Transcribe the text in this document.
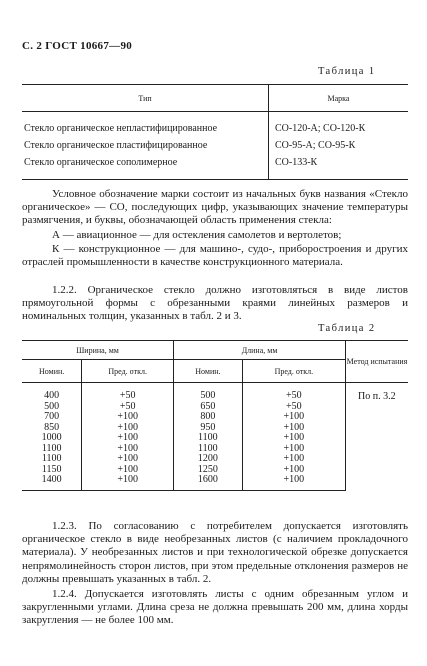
С. 2 ГОСТ 10667—90
Таблица 1
Тип	Марка

Стекло органическое непластифицированное	СО-120-А; СО-120-К
Стекло органическое пластифицированное	СО-95-А; СО-95-К
Стекло органическое сополимерное	СО-133-К

Условное обозначение марки состоит из начальных букв названия «Стекло органическое» — СО, последующих цифр, указывающих значение температуры размягчения, и буквы, обозначающей область применения стекла:
А — авиационное — для остекления самолетов и вертолетов;
К — конструкционное — для машино-, судо-, приборостроения и других отраслей промышленности в качестве конструкционного материала.
1.2.2. Органическое стекло должно изготовляться в виде листов прямоугольной формы с обрезанными краями линейных размеров и номинальных толщин, указанных в табл. 2 и 3.
Таблица 2
Ширина, мм		Длина, мм		Метод испытания
Номин.	Пред. откл.	Номин.	Пред. откл.	
400	+50	500	+50	По п. 3.2
500	+50	650	+50	
700	+100	800	+100	
850	+100	950	+100	
1000	+100	1100	+100	
1100	+100	1100	+100	
1100	+100	1200	+100	
1150	+100	1250	+100	
1400	+100	1600	+100	
1.2.3. По согласованию с потребителем допускается изготовлять органическое стекло в виде необрезанных листов (с наличием прокладочного материала). У необрезанных листов и при технологической обрезке допускается непрямолинейность сторон листов, при этом предельные отклонения размеров не должны превышать указанных в табл. 2.
1.2.4. Допускается изготовлять листы с одним обрезанным углом и закругленными углами. Длина среза не должна превышать 200 мм, длина хорды закругления — не более 100 мм.
